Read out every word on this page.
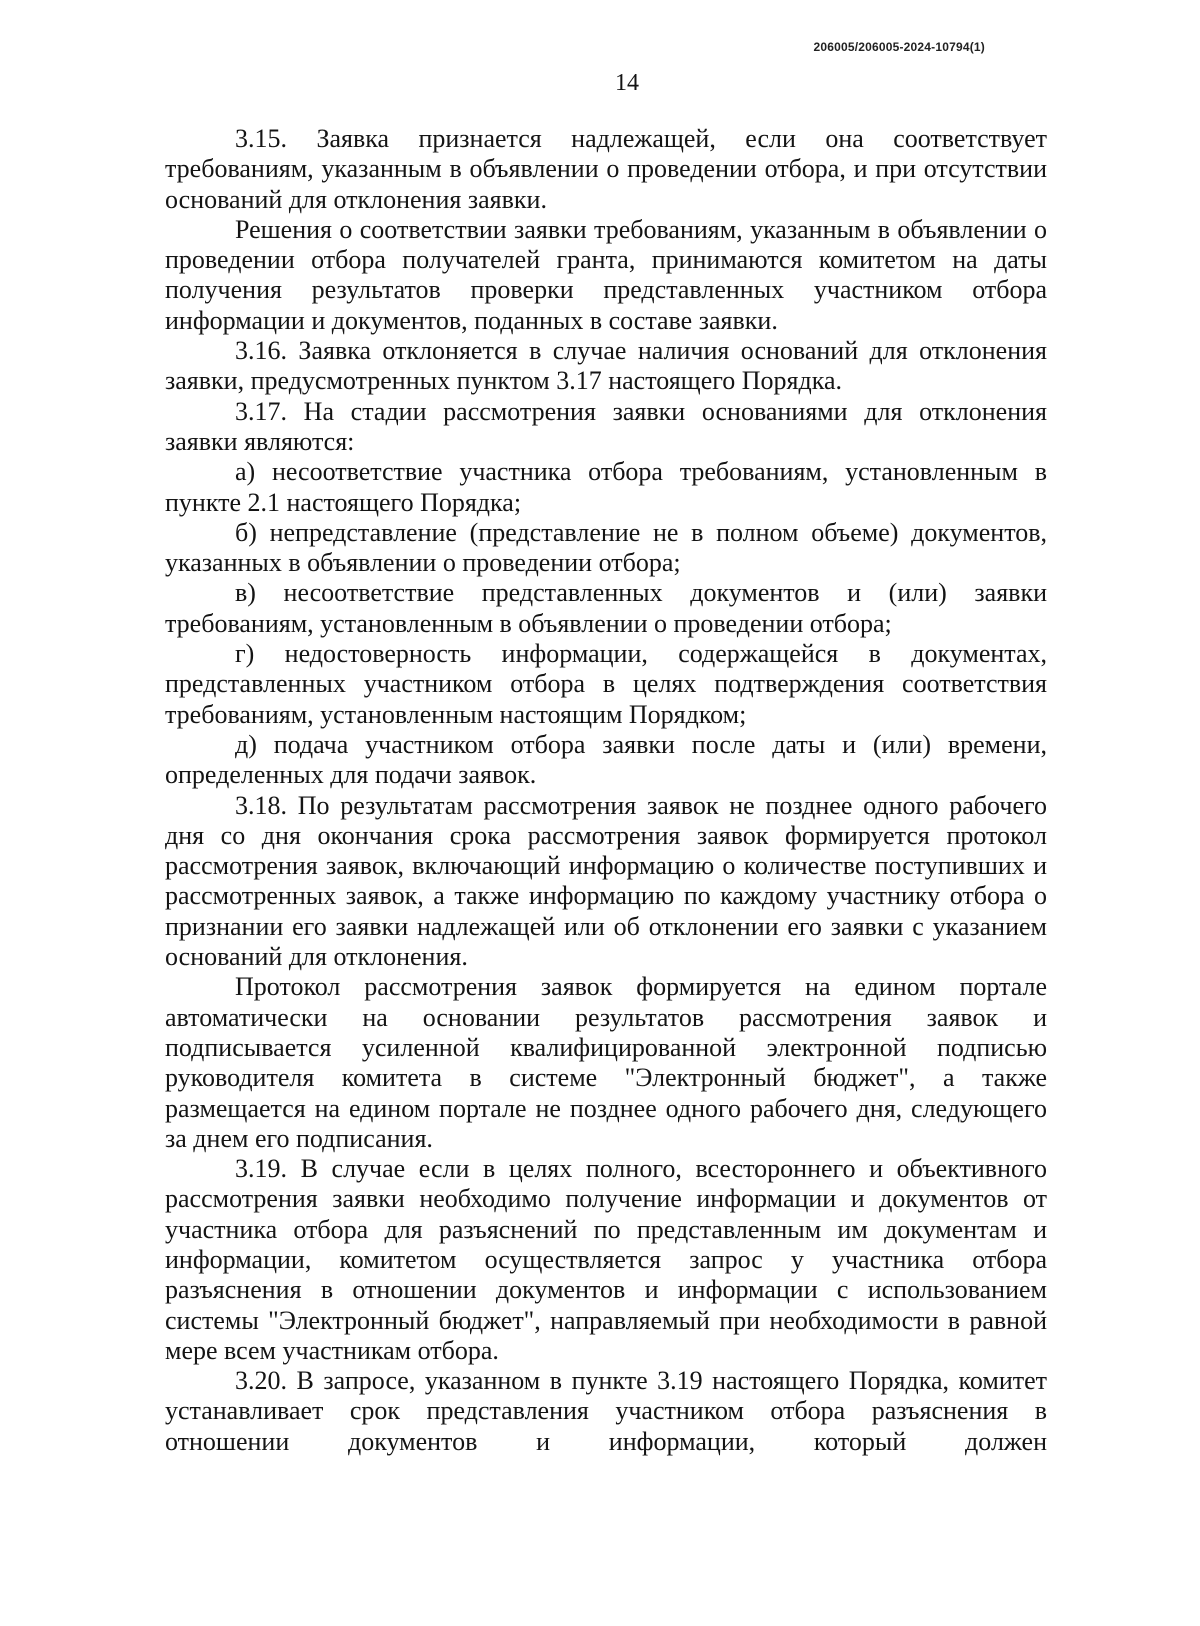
206005/206005-2024-10794(1)
14

3.15. Заявка признается надлежащей, если она соответствует требованиям, указанным в объявлении о проведении отбора, и при отсутствии оснований для отклонения заявки.

Решения о соответствии заявки требованиям, указанным в объявлении о проведении отбора получателей гранта, принимаются комитетом на даты получения результатов проверки представленных участником отбора информации и документов, поданных в составе заявки.

3.16. Заявка отклоняется в случае наличия оснований для отклонения заявки, предусмотренных пунктом 3.17 настоящего Порядка.

3.17. На стадии рассмотрения заявки основаниями для отклонения заявки являются:

а) несоответствие участника отбора требованиям, установленным в пункте 2.1 настоящего Порядка;

б) непредставление (представление не в полном объеме) документов, указанных в объявлении о проведении отбора;

в) несоответствие представленных документов и (или) заявки требованиям, установленным в объявлении о проведении отбора;

г) недостоверность информации, содержащейся в документах, представленных участником отбора в целях подтверждения соответствия требованиям, установленным настоящим Порядком;

д) подача участником отбора заявки после даты и (или) времени, определенных для подачи заявок.

3.18. По результатам рассмотрения заявок не позднее одного рабочего дня со дня окончания срока рассмотрения заявок формируется протокол рассмотрения заявок, включающий информацию о количестве поступивших и рассмотренных заявок, а также информацию по каждому участнику отбора о признании его заявки надлежащей или об отклонении его заявки с указанием оснований для отклонения.

Протокол рассмотрения заявок формируется на едином портале автоматически на основании результатов рассмотрения заявок и подписывается усиленной квалифицированной электронной подписью руководителя комитета в системе "Электронный бюджет", а также размещается на едином портале не позднее одного рабочего дня, следующего за днем его подписания.

3.19. В случае если в целях полного, всестороннего и объективного рассмотрения заявки необходимо получение информации и документов от участника отбора для разъяснений по представленным им документам и информации, комитетом осуществляется запрос у участника отбора разъяснения в отношении документов и информации с использованием системы "Электронный бюджет", направляемый при необходимости в равной мере всем участникам отбора.

3.20. В запросе, указанном в пункте 3.19 настоящего Порядка, комитет устанавливает срок представления участником отбора разъяснения в отношении документов и информации, который должен
